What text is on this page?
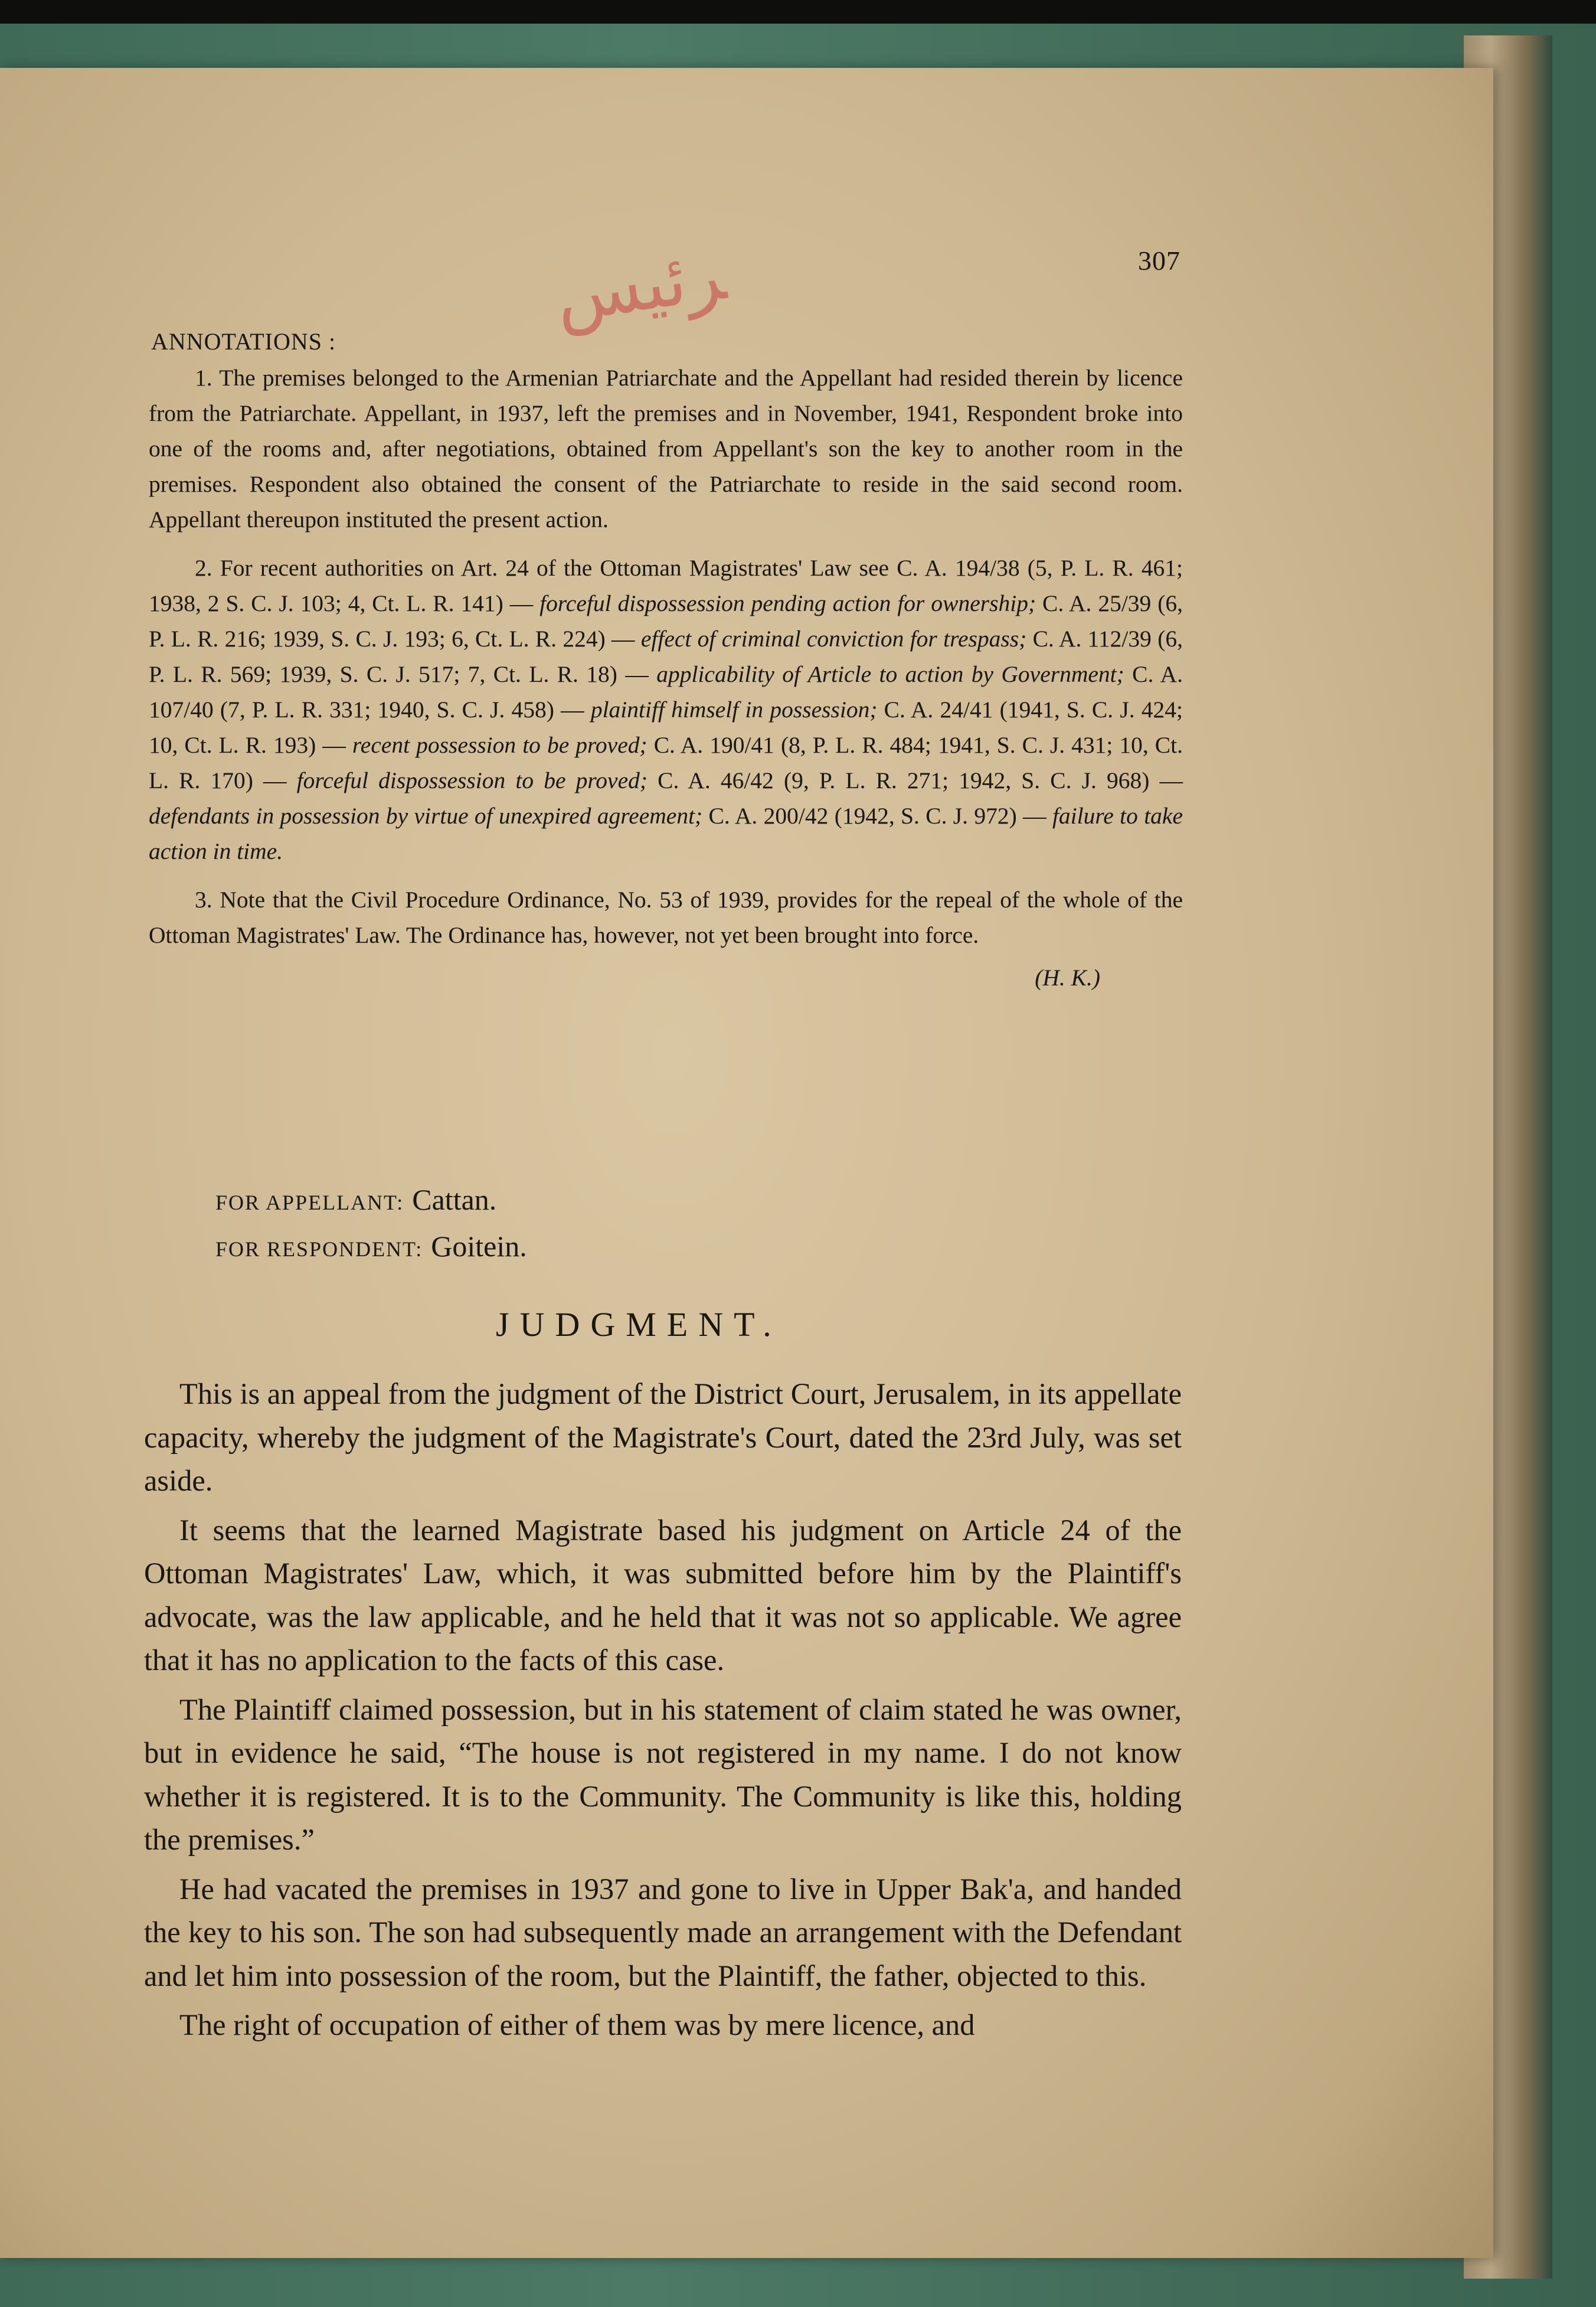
ﺮﺋﻴﺲ	307
ANNOTATIONS :

1. The premises belonged to the Armenian Patriarchate and the Appellant had resided therein by licence from the Patriarchate. Appellant, in 1937, left the premises and in November, 1941, Respondent broke into one of the rooms and, after negotiations, obtained from Appellant's son the key to another room in the premises. Respondent also obtained the consent of the Patriarchate to reside in the said second room. Appellant thereupon instituted the present action.

2. For recent authorities on Art. 24 of the Ottoman Magistrates' Law see C. A. 194/38 (5, P. L. R. 461; 1938, 2 S. C. J. 103; 4, Ct. L. R. 141) — forceful dispossession pending action for ownership; C. A. 25/39 (6, P. L. R. 216; 1939, S. C. J. 193; 6, Ct. L. R. 224) — effect of criminal conviction for trespass; C. A. 112/39 (6, P. L. R. 569; 1939, S. C. J. 517; 7, Ct. L. R. 18) — applicability of Article to action by Government; C. A. 107/40 (7, P. L. R. 331; 1940, S. C. J. 458) — plaintiff himself in possession; C. A. 24/41 (1941, S. C. J. 424; 10, Ct. L. R. 193) — recent possession to be proved; C. A. 190/41 (8, P. L. R. 484; 1941, S. C. J. 431; 10, Ct. L. R. 170) — forceful dispossession to be proved; C. A. 46/42 (9, P. L. R. 271; 1942, S. C. J. 968) — defendants in possession by virtue of unexpired agreement; C. A. 200/42 (1942, S. C. J. 972) — failure to take action in time.

3. Note that the Civil Procedure Ordinance, No. 53 of 1939, provides for the repeal of the whole of the Ottoman Magistrates' Law. The Ordinance has, however, not yet been brought into force.

(H. K.)

FOR APPELLANT: Cattan.
FOR RESPONDENT: Goitein.
JUDGMENT.

This is an appeal from the judgment of the District Court, Jerusalem, in its appellate capacity, whereby the judgment of the Magistrate's Court, dated the 23rd July, was set aside.

It seems that the learned Magistrate based his judgment on Article 24 of the Ottoman Magistrates' Law, which, it was submitted before him by the Plaintiff's advocate, was the law applicable, and he held that it was not so applicable. We agree that it has no application to the facts of this case.

The Plaintiff claimed possession, but in his statement of claim stated he was owner, but in evidence he said, “The house is not registered in my name. I do not know whether it is registered. It is to the Community. The Community is like this, holding the premises.”

He had vacated the premises in 1937 and gone to live in Upper Bak'a, and handed the key to his son. The son had subsequently made an arrangement with the Defendant and let him into possession of the room, but the Plaintiff, the father, objected to this.

The right of occupation of either of them was by mere licence, and
